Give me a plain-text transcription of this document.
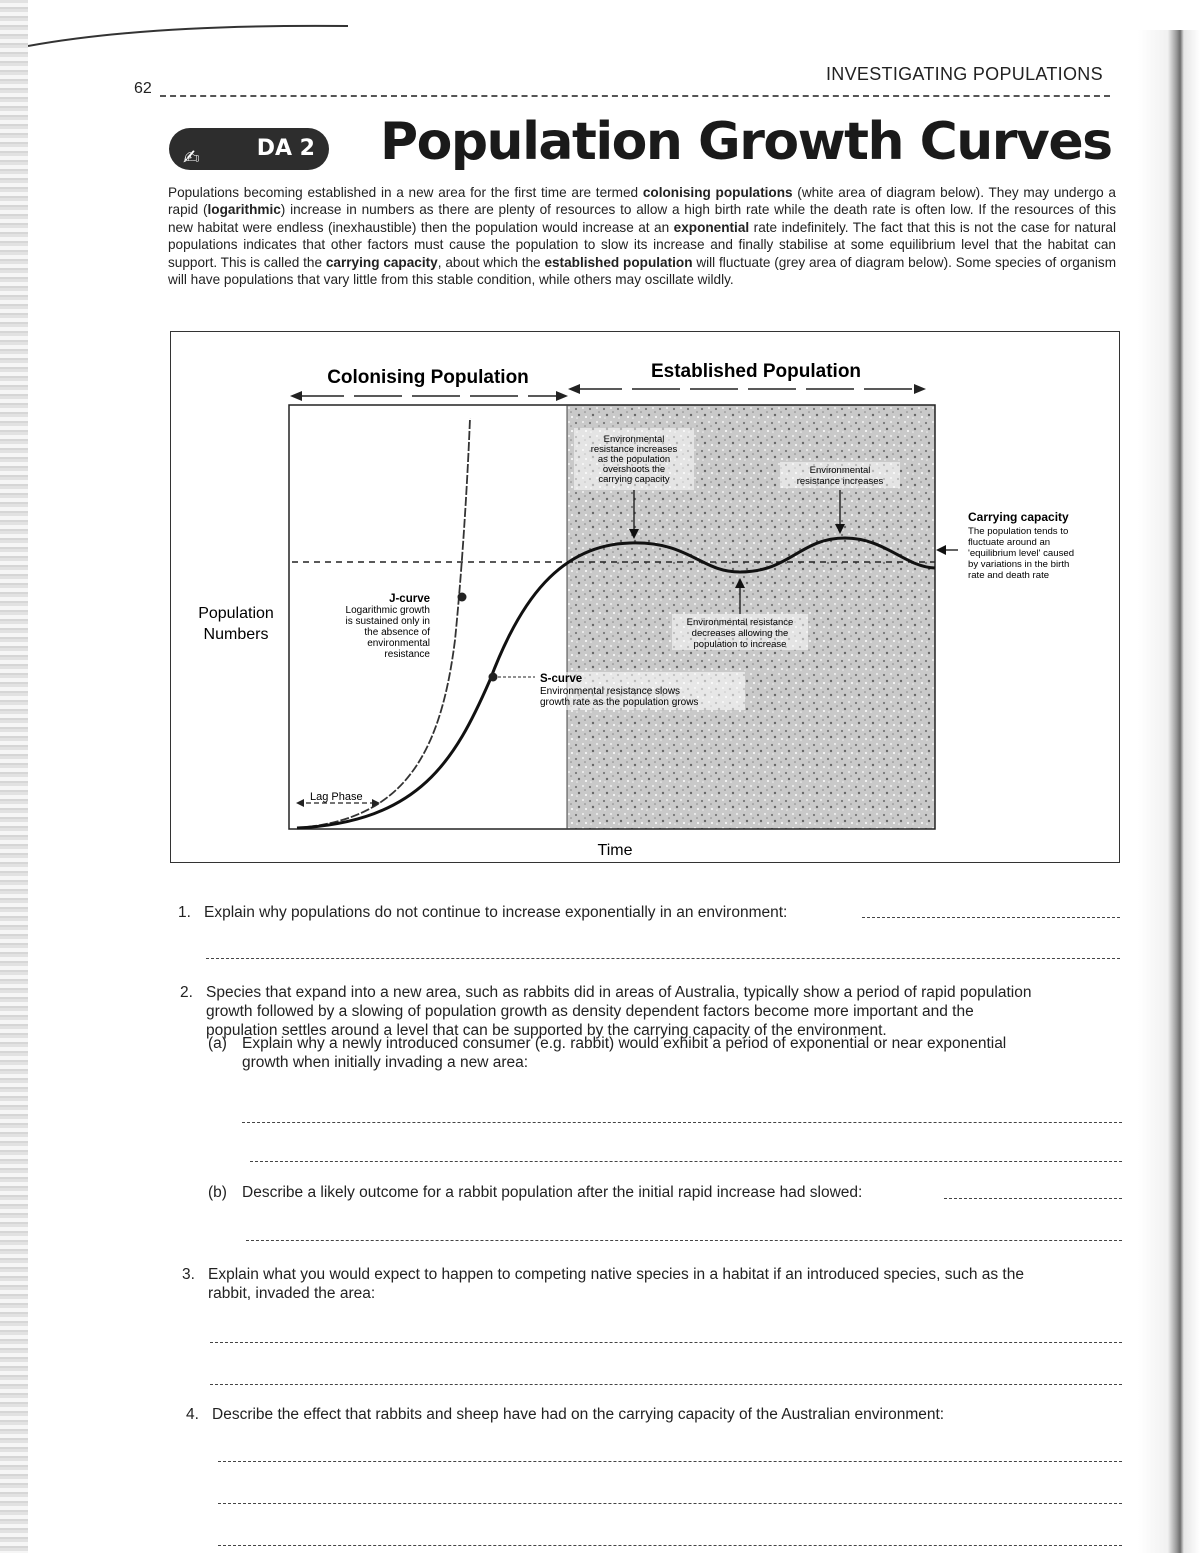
62
INVESTIGATING POPULATIONS
✍	DA 2 Population Growth Curves

Populations becoming established in a new area for the first time are termed colonising populations (white area of diagram below). They may undergo a rapid (logarithmic) increase in numbers as there are plenty of resources to allow a high birth rate while the death rate is often low. If the resources of this new habitat were endless (inexhaustible) then the population would increase at an exponential rate indefinitely. The fact that this is not the case for natural populations indicates that other factors must cause the population to slow its increase and finally stabilise at some equilibrium level that the habitat can support. This is called the carrying capacity, about which the established population will fluctuate (grey area of diagram below). Some species of organism will have populations that vary little from this stable condition, while others may oscillate wildly.

Colonising Population	Established Population
Lag Phase
Population
Numbers
Time
J-curve
Logarithmic growth
is sustained only in
the absence of
environmental
resistance
S-curve
Environmental resistance slows
growth rate as the population grows
Environmental
resistance increases
as the population
overshoots the
carrying capacity
Environmental
resistance increases
Environmental resistance
decreases allowing the
population to increase
Carrying capacity
The population tends to
fluctuate around an
'equilibrium level' caused
by variations in the birth
rate and death rate
1. Explain why populations do not continue to increase exponentially in an environment:
2. Species that expand into a new area, such as rabbits did in areas of Australia, typically show a period of rapid population
growth followed by a slowing of population growth as density dependent factors become more important and the
population settles around a level that can be supported by the carrying capacity of the environment.
(a) Explain why a newly introduced consumer (e.g. rabbit) would exhibit a period of exponential or near exponential
growth when initially invading a new area:
(b) Describe a likely outcome for a rabbit population after the initial rapid increase had slowed:
3. Explain what you would expect to happen to competing native species in a habitat if an introduced species, such as the
rabbit, invaded the area:
4. Describe the effect that rabbits and sheep have had on the carrying capacity of the Australian environment:
